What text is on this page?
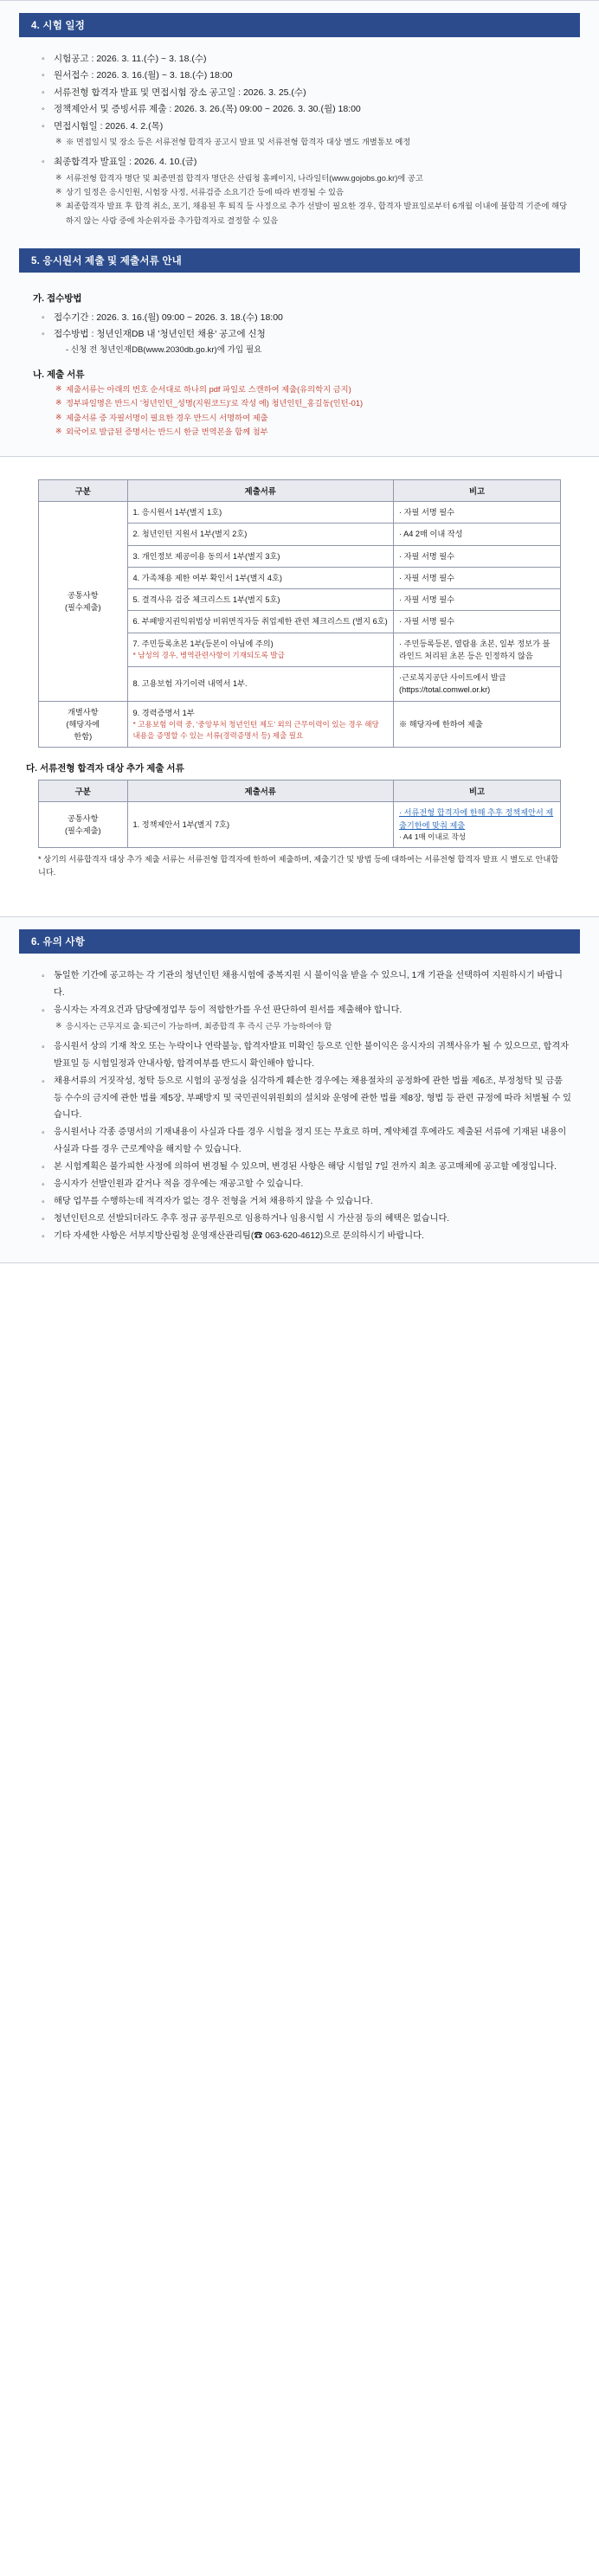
4. 시험 일정
◦ 시험공고 : 2026. 3. 11.(수) ~ 3. 18.(수)
◦ 원서접수 : 2026. 3. 16.(월) ~ 3. 18.(수) 18:00
◦ 서류전형 합격자 발표 및 면접시험 장소 공고일 : 2026. 3. 25.(수)
◦ 정책제안서 및 증빙서류 제출 : 2026. 3. 26.(목) 09:00 ~ 2026. 3. 30.(월) 18:00
◦ 면접시험일 : 2026. 4. 2.(목)
※ ※ 면접일시 및 장소 등은 서류전형 합격자 공고시 발표 및 서류전형 합격자 대상 별도 개별통보 예정
◦ 최종합격자 발표일 : 2026. 4. 10.(금)
※ 서류전형 합격자 명단 및 최종면접 합격자 명단은 산림청 홈페이지, 나라일터(www.gojobs.go.kr)에 공고
※ 상기 일정은 응시인원, 시험장 사정, 서류검증 소요기간 등에 따라 변경될 수 있음
※ 최종합격자 발표 후 합격 취소, 포기, 채용된 후 퇴직 등 사정으로 추가 선발이 필요한 경우, 합격자 발표일로부터 6개월 이내에 불합격 기준에 해당하지 않는 사람 중에 차순위자를 추가합격자로 결정할 수 있음
5. 응시원서 제출 및 제출서류 안내
가. 접수방법
◦ 접수기간 : 2026. 3. 16.(월) 09:00 ~ 2026. 3. 18.(수) 18:00
◦ 접수방법 : 청년인재DB 내 '청년인턴 채용' 공고에 신청
- 신청 전 청년인재DB(www.2030db.go.kr)에 가입 필요
나. 제출 서류
※ 제출서류는 아래의 번호 순서대로 하나의 pdf 파일로 스캔하여 제출(유의학지 금지)
※ 정부파일명은 반드시 '청년인턴_성명(지원코드)'로 작성 예) 청년인턴_홍길동(인턴-01)
※ 제출서류 중 자필서명이 필요한 경우 반드시 서명하여 제출
※ 외국어로 발급된 증명서는 반드시 한글 번역본을 함께 첨부
구분	제출서류	비고
공통사항
(필수제출)	1. 응시원서 1부(별지 1호)	· 자필 서명 필수
	2. 청년인턴 지원서 1부(별지 2호)	· A4 2매 이내 작성
	3. 개인정보 제공이용 동의서 1부(별지 3호)	· 자필 서명 필수
	4. 가족채용 제한 여부 확인서 1부(별지 4호)	· 자필 서명 필수
	5. 결격사유 검증 체크리스트 1부(별지 5호)	· 자필 서명 필수
	6. 부패방지권익위법상 비위면직자등 취업제한 관련 체크리스트 (별지 6호)	· 자필 서명 필수
	7. 주민등록초본 1부(등본이 아님에 주의)
* 남성의 경우, 병역관련사항이 기재되도록 발급	· 주민등록등본, 열람용 초본, 일부 정보가 블라인드 처리된 초본 등은 인정하지 않음
	8. 고용보험 자기이력 내역서 1부.	·근로복지공단 사이트에서 발급 (https://total.comwel.or.kr)
개별사항
(해당자에
한함)	9. 경력증명서 1부
* 고용보험 이력 중, '중앙부처 청년인턴 제도' 외의 근무이력이 있는 경우 해당 내용을 증명할 수 있는 서류(경력증명서 등) 제출 필요	※ 해당자에 한하여 제출
다. 서류전형 합격자 대상 추가 제출 서류
구분	제출서류	비고
공통사항
(필수제출)	1. 정책제안서 1부(별지 7호)	· 서류전형 합격자에 한해 추후 정책제안서 제출기한에 맞춰 제출
· A4 1매 이내로 작성
* 상기의 서류합격자 대상 추가 제출 서류는 서류전형 합격자에 한하여 제출하며, 제출기간 및 방법 등에 대하여는 서류전형 합격자 발표 시 별도로 안내합니다.
6. 유의 사항
◦ 동일한 기간에 공고하는 각 기관의 청년인턴 채용시험에 중복지원 시 불이익을 받을 수 있으니, 1개 기관을 선택하여 지원하시기 바랍니다.
◦ 응시자는 자격요건과 담당예정업무 등이 적합한가를 우선 판단하여 원서를 제출해야 합니다.
※ 응시자는 근무지로 출·퇴근이 가능하며, 최종합격 후 즉시 근무 가능하여야 함
◦ 응시원서 상의 기재 착오 또는 누락이나 연락불능, 합격자발표 미확인 등으로 인한 불이익은 응시자의 귀책사유가 될 수 있으므로, 합격자 발표일 등 시험일정과 안내사항, 합격여부를 반드시 확인해야 합니다.
◦ 채용서류의 거짓작성, 청탁 등으로 시험의 공정성을 심각하게 훼손한 경우에는 채용절차의 공정화에 관한 법률 제6조, 부정청탁 및 금품 등 수수의 금지에 관한 법률 제5장, 부패방지 및 국민권익위원회의 설치와 운영에 관한 법률 제8장, 형법 등 관련 규정에 따라 처벌될 수 있습니다.
◦ 응시원서나 각종 증명서의 기재내용이 사실과 다를 경우 시험을 정지 또는 무효로 하며, 계약체결 후에라도 제출된 서류에 기재된 내용이 사실과 다를 경우 근로계약을 해지할 수 있습니다.
◦ 본 시험계획은 불가피한 사정에 의하여 변경될 수 있으며, 변경된 사항은 해당 시험일 7일 전까지 최초 공고매체에 공고할 예정입니다.
◦ 응시자가 선발인원과 같거나 적을 경우에는 재공고할 수 있습니다.
◦ 해당 업무를 수행하는데 적격자가 없는 경우 전형을 거쳐 채용하지 않을 수 있습니다.
◦ 청년인턴으로 선발되더라도 추후 정규 공무원으로 임용하거나 임용시험 시 가산점 등의 혜택은 없습니다.
◦ 기타 자세한 사항은 서부지방산림청 운영재산관리팀(☎ 063-620-4612)으로 문의하시기 바랍니다.
